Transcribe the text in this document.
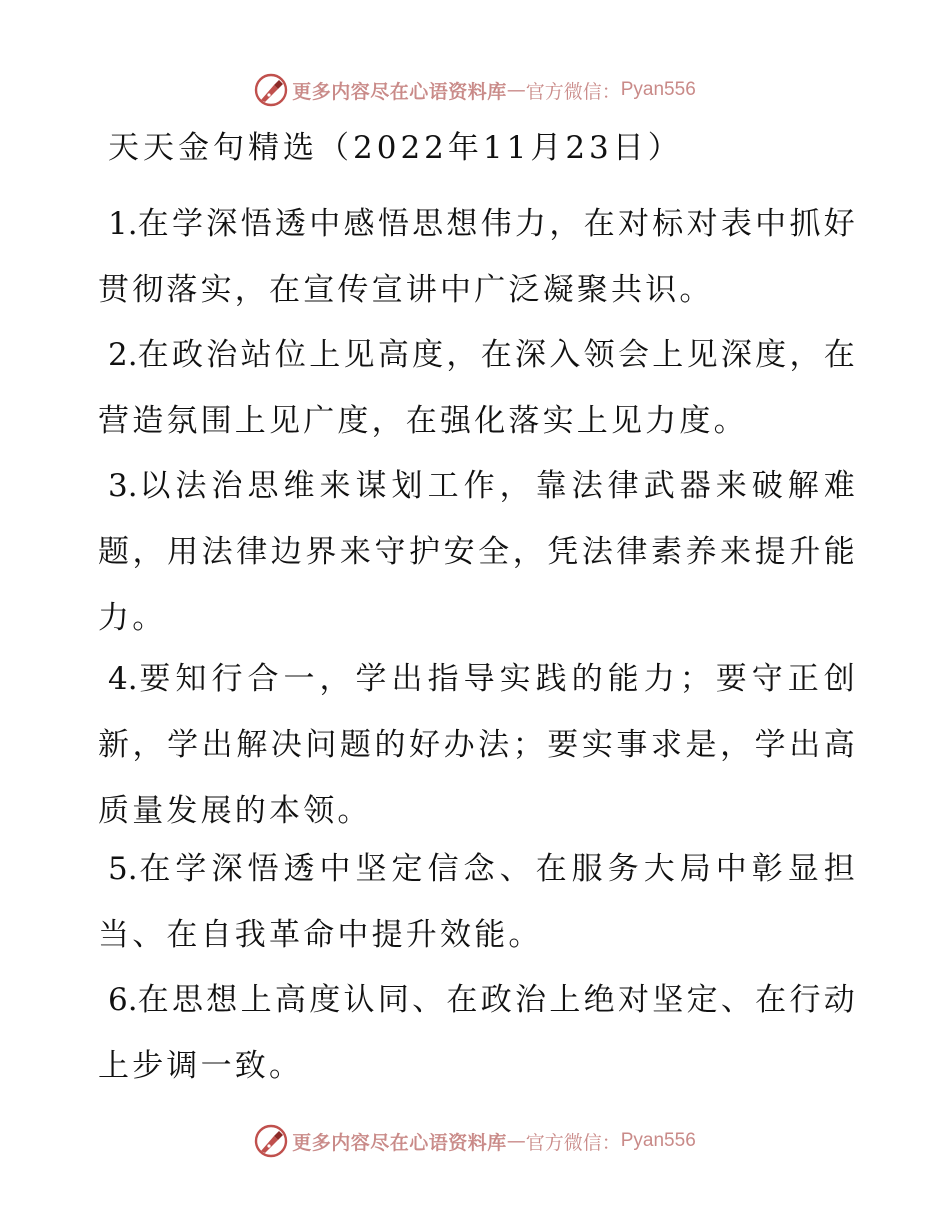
更多内容尽在心语资料库 — 官方微信： Pyan556
天天金句精选（2022年11月23日）

1.在学深悟透中感悟思想伟力，在对标对表中抓好贯彻落实，在宣传宣讲中广泛凝聚共识。

2.在政治站位上见高度，在深入领会上见深度，在营造氛围上见广度，在强化落实上见力度。

3.以法治思维来谋划工作，靠法律武器来破解难题，用法律边界来守护安全，凭法律素养来提升能力。

4.要知行合一，学出指导实践的能力；要守正创新，学出解决问题的好办法；要实事求是，学出高质量发展的本领。

5.在学深悟透中坚定信念、在服务大局中彰显担当、在自我革命中提升效能。

6.在思想上高度认同、在政治上绝对坚定、在行动上步调一致。

更多内容尽在心语资料库 — 官方微信： Pyan556
